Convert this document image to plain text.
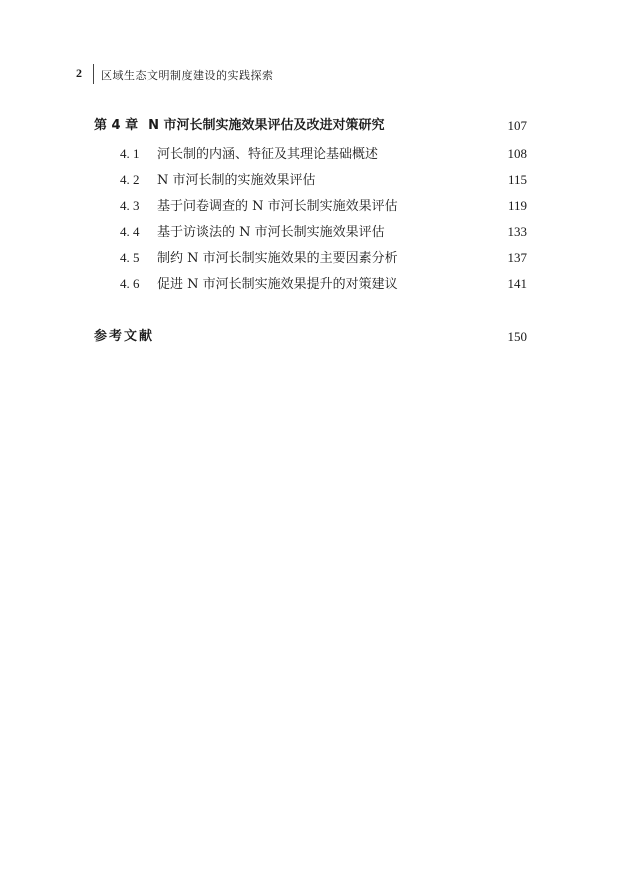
2 区域生态文明制度建设的实践探索
第 4 章 N 市河长制实施效果评估及改进对策研究	107
4. 1 河长制的内涵、特征及其理论基础概述	108
4. 2 N 市河长制的实施效果评估	115
4. 3 基于问卷调查的 N 市河长制实施效果评估	119
4. 4 基于访谈法的 N 市河长制实施效果评估	133
4. 5 制约 N 市河长制实施效果的主要因素分析	137
4. 6 促进 N 市河长制实施效果提升的对策建议	141
参考文献	150
